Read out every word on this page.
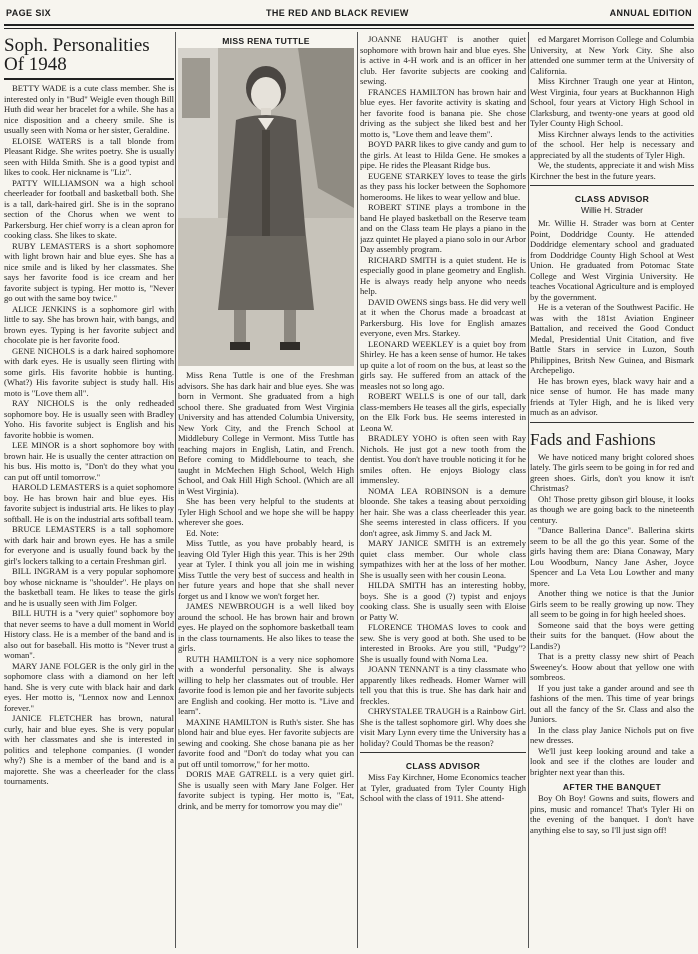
PAGE SIX	THE RED AND BLACK REVIEW	ANNUAL EDITION
Soph. Personalities
Of 1948

BETTY WADE is a cute class member. She is interested only in "Bud" Weigle even though Bill Huth did wear her bracelet for a while. She has a nice disposition and a cheery smile. She is usually seen with Noma or her sister, Geraldine.

ELOISE WATERS is a tall blonde from Pleasant Ridge. She writes poetry. She is usually seen with Hilda Smith. She is a good typist and likes to cook. Her nickname is "Liz".

PATTY WILLIAMSON wa a high school cheerleader for football and basketball both. She is a tall, dark-haired girl. She is in the soprano section of the Chorus when we went to Parkersburg. Her chief worry is a clean apron for cooking class. She likes to skate.

RUBY LEMASTERS is a short sophomore with light brown hair and blue eyes. She has a nice smile and is liked by her classmates. She says her favorite food is ice cream and her favorite subject is typing. Her motto is, "Never go out with the same boy twice."

ALICE JENKINS is a sophomore girl with little to say. She has brown hair, with bangs, and brown eyes. Typing is her favorite subject and chocolate pie is her favorite food.

GENE NICHOLS is a dark haired sophomore with dark eyes. He is usually seen flirting with some girls. His favorite hobbie is hunting. (What?) His favorite subject is study hall. His moto is "Love them all".

RAY NICHOLS is the only redheaded sophomore boy. He is usually seen with Bradley Yoho. His favorite subject is English and his favorite hobbie is women.

LEE MINOR is a short sophomore boy with brown hair. He is usually the center attraction on his bus. His motto is, "Don't do they what you can put off until tomorrow."

HAROLD LEMASTERS is a quiet sophomore boy. He has brown hair and blue eyes. His favorite subject is industrial arts. He likes to play softball. He is on the industrial arts softball team.

BRUCE LEMASTERS is a tall sophomore with dark hair and brown eyes. He has a smile for everyone and is usually found back by the girl's lockers talking to a certain Freshman girl.

BILL INGRAM is a very popular sophomore boy whose nickname is "shoulder". He plays on the basketball team. He likes to tease the girls and he is usually seen with Jim Folger.

BILL HUTH is a "very quiet" sophomore boy that never seems to have a dull moment in World History class. He is a member of the band and is also out for baseball. His motto is "Never trust a woman".

MARY JANE FOLGER is the only girl in the sophomore class with a diamond on her left hand. She is very cute with black hair and dark eyes. Her motto is, "Lennox now and Lennox forever."

JANICE FLETCHER has brown, natural curly, hair and blue eyes. She is very popular with her classmates and she is interested in politics and telephone companies. (I wonder why?) She is a member of the band and is a majorette. She was a cheerleader for the class tournaments.

MISS RENA TUTTLE

Miss Rena Tuttle is one of the Freshman advisors. She has dark hair and blue eyes. She was born in Vermont. She graduated from a high school there. She graduated from West Virginia University and has attended Columbia University, New York City, and the French School at Middlebury College in Vermont. Miss Tuttle has teaching majors in English, Latin, and French. Before coming to Middlebourne to teach, she taught in McMechen High School, Welch High School, and Oak Hill High School. (Which are all in West Virginia).

She has been very helpful to the students at Tyler High School and we hope she will be happy wherever she goes.

Ed. Note:

Miss Tuttle, as you have probably heard, is leaving Old Tyler High this year. This is her 29th year at Tyler. I think you all join me in wishing Miss Tuttle the very best of success and health in her future years and hope that she shall never forget us and I know we won't forget her.

JAMES NEWBROUGH is a well liked boy around the school. He has brown hair and brown eyes. He played on the sophomore basketball team in the class tournaments. He also likes to tease the girls.

RUTH HAMILTON is a very nice sophomore with a wonderful personality. She is always willing to help her classmates out of trouble. Her favorite food is lemon pie and her favorite subjects are English and cooking. Her motto is. "Live and learn".

MAXINE HAMILTON is Ruth's sister. She has blond hair and blue eyes. Her favorite subjects are sewing and cooking. She chose banana pie as her favorite food and "Don't do today what you can put off until tomorrow," for her motto.

DORIS MAE GATRELL is a very quiet girl. She is usually seen with Mary Jane Folger. Her favorite subject is typing. Her motto is, "Eat, drink, and be merry for tomorrow you may die"

JOANNE HAUGHT is another quiet sophomore with brown hair and blue eyes. She is active in 4-H work and is an officer in her club. Her favorite subjects are cooking and sewing.

FRANCES HAMILTON has brown hair and blue eyes. Her favorite activity is skating and her favorite food is banana pie. She chose driving as the subject she liked best and her motto is, "Love them and leave them".

BOYD PARR likes to give candy and gum to the girls. At least to Hilda Gene. He smokes a pipe. He rides the Pleasant Ridge bus.

EUGENE STARKEY loves to tease the girls as they pass his locker between the Sophomore homerooms. He likes to wear yellow and blue.

ROBERT STINE plays a trombone in the band He played basketball on the Reserve team and on the Class team He plays a piano in the jazz quintet He played a piano solo in our Arbor Day assembly program.

RICHARD SMITH is a quiet student. He is especially good in plane geometry and English. He is always ready help anyone who needs help.

DAVID OWENS sings bass. He did very well at it when the Chorus made a broadcast at Parkersburg. His love for English amazes everyone, even Mrs. Starkey.

LEONARD WEEKLEY is a quiet boy from Shirley. He has a keen sense of humor. He takes up quite a lot of room on the bus, at least so the girls say. He suffered from an attack of the measles not so long ago.

ROBERT WELLS is one of our tall, dark class-members He teases all the girls, especially on the Elk Fork bus. He seems interested in Leona W.

BRADLEY YOHO is often seen with Ray Nichols. He just got a new tooth from the dentist. You don't have trouble noticing it for he smiles often. He enjoys Biology class immensley.

NOMA LEA ROBINSON is a demure bloonde. She takes a teasing about perxoiding her hair. She was a class cheerleader this year. She seems interested in class officers. If you don't agree, ask Jimmy S. and Jack M.

MARY JANICE SMITH is an extremely quiet class member. Our whole class sympathizes with her at the loss of her mother. She is usually seen with her cousin Leona.

HILDA SMITH has an interesting hobby, boys. She is a good (?) typist and enjoys cooking class. She is usually seen with Eloise or Patty W.

FLORENCE THOMAS loves to cook and sew. She is very good at both. She used to be interested in Brooks. Are you still, "Pudgy"? She is usually found with Noma Lea.

JOANN TENNANT is a tiny classmate who apparently likes redheads. Homer Warner will tell you that this is true. She has dark hair and freckles.

CHRYSTALEE TRAUGH is a Rainbow Girl. She is the tallest sophomore girl. Why does she visit Mary Lynn every time the University has a holiday? Could Thomas be the reason?

CLASS ADVISOR

Miss Fay Kirchner, Home Economics teacher at Tyler, graduated from Tyler County High School with the class of 1911. She attend-

ed Margaret Morrison College and Columbia University, at New York City. She also attended one summer term at the University of California.

Miss Kirchner Traugh one year at Hinton, West Virginia, four years at Buckhannon High School, four years at Victory High School in Clarksburg, and twenty-one years at good old Tyler County High School.

Miss Kirchner always lends to the activities of the school. Her help is necessary and appreciated by all the students of Tyler High.

We, the students, appreciate it and wish Miss Kirchner the best in the future years.

CLASS ADVISOR
Willie H. Strader

Mr. Willie H. Strader was born at Center Point, Doddridge County. He attended Doddridge elementary school and graduated from Doddridge County High School at West Union. He graduated from Potomac State College and West Virginia University. He teaches Vocational Agriculture and is employed by the government.

He is a veteran of the Southwest Pacific. He was with the 181st Aviation Engineer Battalion, and received the Good Conduct Medal, Presidential Unit Citation, and five Battle Stars in service in Luzon, South Philippines, Britsh New Guinea, and Bismark Archepeligo.

He has brown eyes, black wavy hair and a nice sense of humor. He has made many friends at Tyler High, and he is liked very much as an advisor.

Fads and Fashions

We have noticed many bright colored shoes lately. The girls seem to be going in for red and green shoes. Girls, don't you know it isn't Christmas?

Oh! Those pretty gibson girl blouse, it looks as though we are going back to the nineteenth century.

"Dance Ballerina Dance". Ballerina skirts seem to be all the go this year. Some of the girls having them are: Diana Conaway, Mary Lou Woodburn, Nancy Jane Asher, Joyce Spencer and La Veta Lou Lowther and many more.

Another thing we notice is that the Junior Girls seem to be really growing up now. They all seem to be going in for high heeled shoes.

Someone said that the boys were getting their suits for the banquet. (How about the Landis?)

That is a pretty classy new shirt of Peach Sweeney's. Hoow about that yellow one with sombreos.

If you just take a gander around and see th fashions of the men. This time of year brings out all the fancy of the Sr. Class and also the Juniors.

In the class play Janice Nichols put on five new dresses.

We'll just keep looking around and take a look and see if the clothes are louder and brighter next year than this.

AFTER THE BANQUET

Boy Oh Boy! Gowns and suits, flowers and pins, music and romance! That's Tyler Hi on the evening of the banquet. I don't have anything else to say, so I'll just sign off!
